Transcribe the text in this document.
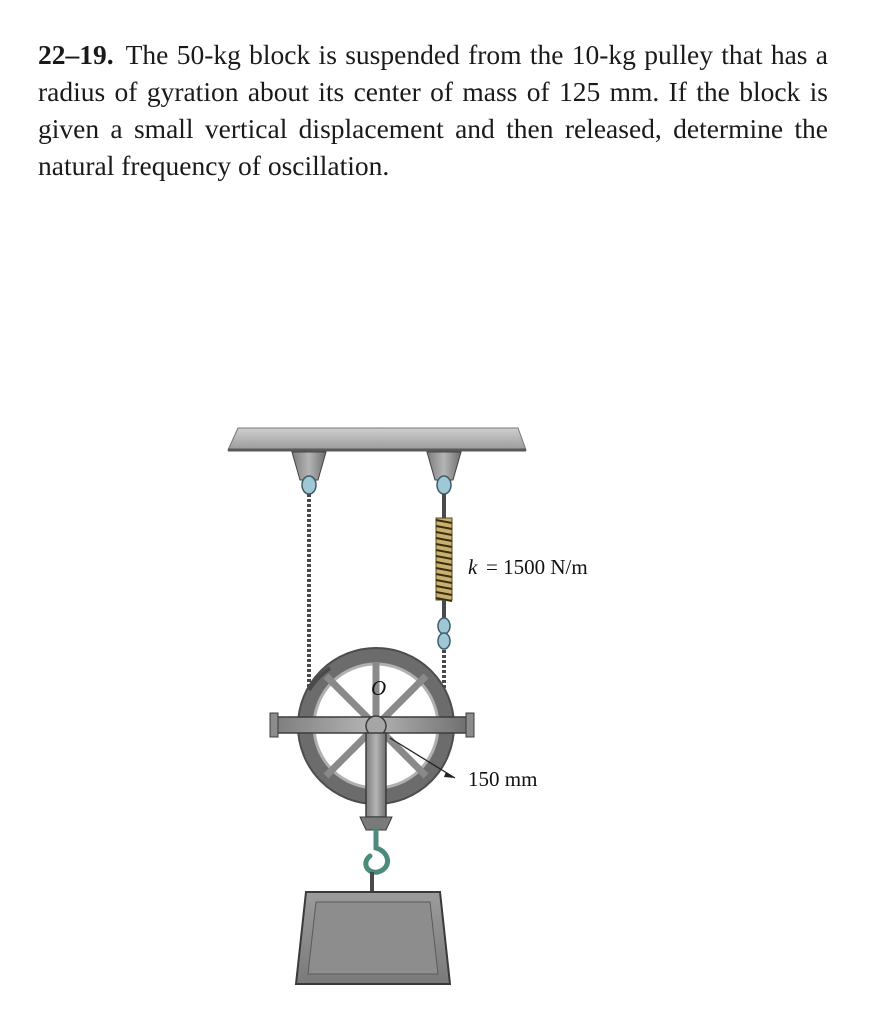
22–19. The 50-kg block is suspended from the 10-kg pulley that has a radius of gyration about its center of mass of 125 mm. If the block is given a small vertical displacement and then released, determine the natural frequency of oscillation.

O
k = 1500 N/m
150 mm
